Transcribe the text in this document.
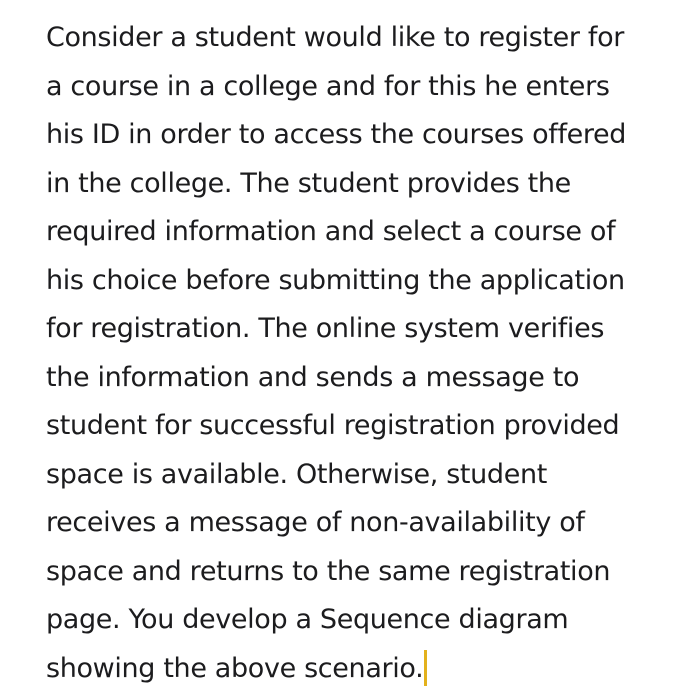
Consider a student would like to register for
a course in a college and for this he enters
his ID in order to access the courses offered
in the college. The student provides the
required information and select a course of
his choice before submitting the application
for registration. The online system verifies
the information and sends a message to
student for successful registration provided
space is available. Otherwise, student
receives a message of non-availability of
space and returns to the same registration
page. You develop a Sequence diagram
showing the above scenario.
